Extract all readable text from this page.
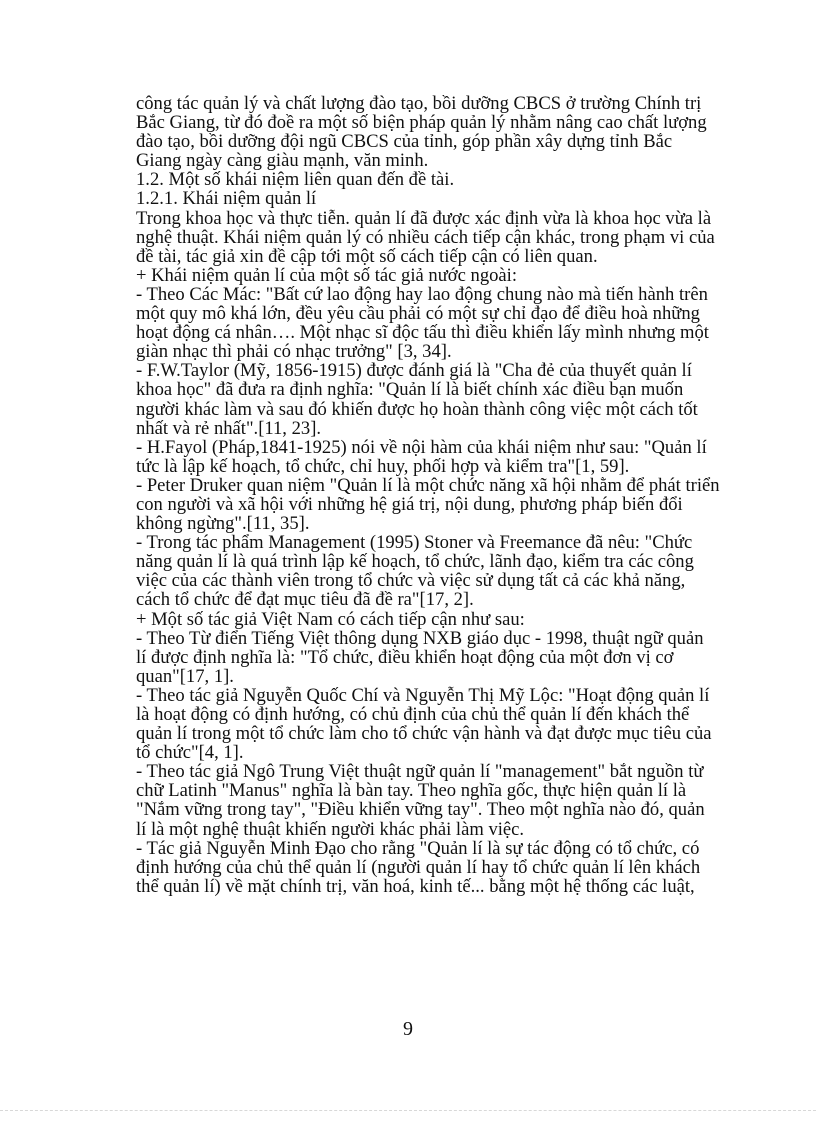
công tác quản lý và chất lượng đào tạo, bồi dưỡng CBCS ở trường Chính trị
Bắc Giang, từ đó đoề ra một số biện pháp quản lý nhằm nâng cao chất lượng
đào tạo, bồi dưỡng đội ngũ CBCS của tỉnh, góp phần xây dựng tỉnh Bắc
Giang ngày càng giàu mạnh, văn minh.
1.2. Một số khái niệm liên quan đến đề tài.
1.2.1. Khái niệm quản lí
Trong khoa học và thực tiễn. quản lí đã được xác định vừa là khoa học vừa là
nghệ thuật. Khái niệm quản lý có nhiều cách tiếp cận khác, trong phạm vi của
đề tài, tác giả xin đề cập tới một số cách tiếp cận có liên quan.
+ Khái niệm quản lí của một số tác giả nước ngoài:
- Theo Các Mác: "Bất cứ lao động hay lao động chung nào mà tiến hành trên
một quy mô khá lớn, đều yêu cầu phải có một sự chỉ đạo để điều hoà những
hoạt động cá nhân…. Một nhạc sĩ độc tấu thì điều khiển lấy mình nhưng một
giàn nhạc thì phải có nhạc trưởng" [3, 34].
- F.W.Taylor (Mỹ, 1856-1915) được đánh giá là "Cha đẻ của thuyết quản lí
khoa học" đã đưa ra định nghĩa: "Quản lí là biết chính xác điều bạn muốn
người khác làm và sau đó khiến được họ hoàn thành công việc một cách tốt
nhất và rẻ nhất".[11, 23].
- H.Fayol (Pháp,1841-1925) nói về nội hàm của khái niệm như sau: "Quản lí
tức là lập kế hoạch, tổ chức, chỉ huy, phối hợp và kiểm tra"[1, 59].
- Peter Druker quan niệm "Quản lí là một chức năng xã hội nhằm để phát triển
con người và xã hội với những hệ giá trị, nội dung, phương pháp biến đổi
không ngừng".[11, 35].
- Trong tác phẩm Management (1995) Stoner và Freemance đã nêu: "Chức
năng quản lí là quá trình lập kế hoạch, tổ chức, lãnh đạo, kiểm tra các công
việc của các thành viên trong tổ chức và việc sử dụng tất cả các khả năng,
cách tổ chức để đạt mục tiêu đã đề ra"[17, 2].
+ Một số tác giả Việt Nam có cách tiếp cận như sau:
- Theo Từ điển Tiếng Việt thông dụng NXB giáo dục - 1998, thuật ngữ quản
lí được định nghĩa là: "Tổ chức, điều khiển hoạt động của một đơn vị cơ
quan"[17, 1].
- Theo tác giả Nguyễn Quốc Chí và Nguyễn Thị Mỹ Lộc: "Hoạt động quản lí
là hoạt động có định hướng, có chủ định của chủ thể quản lí đến khách thể
quản lí trong một tổ chức làm cho tổ chức vận hành và đạt được mục tiêu của
tổ chức"[4, 1].
- Theo tác giả Ngô Trung Việt thuật ngữ quản lí "management" bắt nguồn từ
chữ Latinh "Manus" nghĩa là bàn tay. Theo nghĩa gốc, thực hiện quản lí là
"Nắm vững trong tay", "Điều khiển vững tay". Theo một nghĩa nào đó, quản
lí là một nghệ thuật khiến người khác phải làm việc.
- Tác giả Nguyễn Minh Đạo cho rằng "Quản lí là sự tác động có tổ chức, có
định hướng của chủ thể quản lí (người quản lí hay tổ chức quản lí lên khách
thể quản lí) về mặt chính trị, văn hoá, kinh tế... bằng một hệ thống các luật,
9
